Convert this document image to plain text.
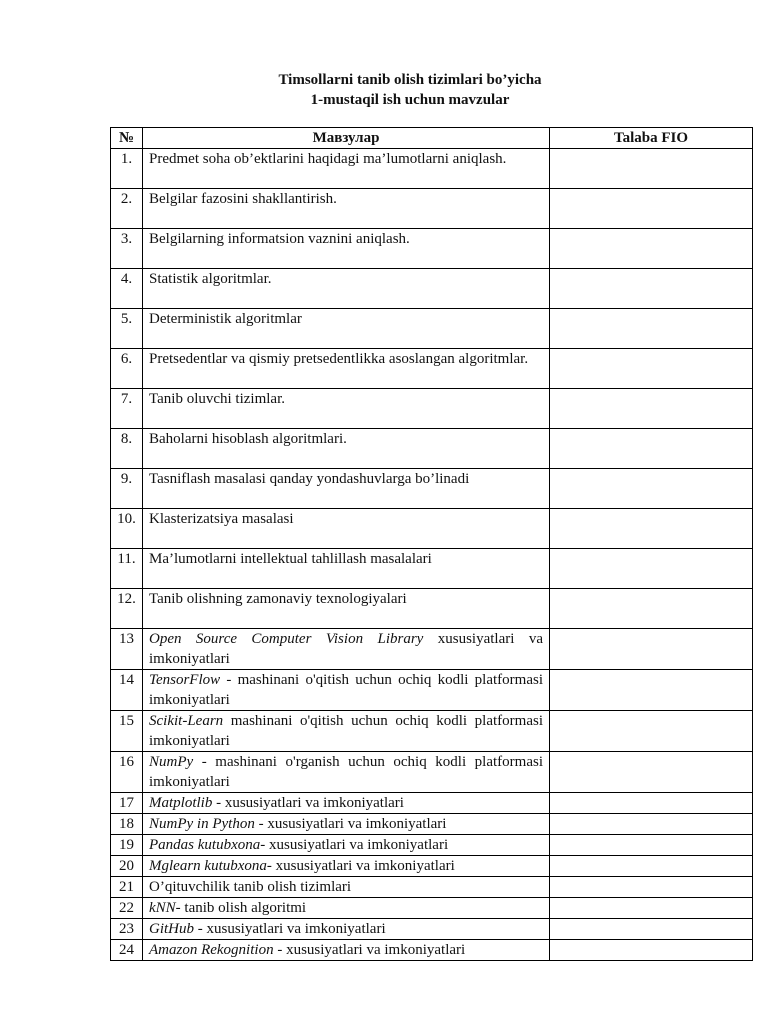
Timsollarni tanib olish tizimlari bo’yicha
1-mustaqil ish uchun mavzular
№	Мавзулар	Talaba FIO
1.	Predmet soha ob’ektlarini haqidagi ma’lumotlarni aniqlash.	
2.	Belgilar fazosini shakllantirish.	
3.	Belgilarning informatsion vaznini aniqlash.	
4.	Statistik algoritmlar.	
5.	Deterministik algoritmlar	
6.	Pretsedentlar va qismiy pretsedentlikka asoslangan algoritmlar.	
7.	Tanib oluvchi tizimlar.	
8.	Baholarni hisoblash algoritmlari.	
9.	Tasniflash masalasi qanday yondashuvlarga bo’linadi	
10.	Klasterizatsiya masalasi	
11.	Ma’lumotlarni intellektual tahlillash masalalari	
12.	Tanib olishning zamonaviy texnologiyalari	
13	Open Source Computer Vision Library xususiyatlari va imkoniyatlari	
14	TensorFlow - mashinani o'qitish uchun ochiq kodli platformasi imkoniyatlari	
15	Scikit-Learn mashinani o'qitish uchun ochiq kodli platformasi imkoniyatlari	
16	NumPy - mashinani o'rganish uchun ochiq kodli platformasi imkoniyatlari	
17	Matplotlib - xususiyatlari va imkoniyatlari	
18	NumPy in Python - xususiyatlari va imkoniyatlari	
19	Pandas kutubxona- xususiyatlari va imkoniyatlari	
20	Mglearn kutubxona- xususiyatlari va imkoniyatlari	
21	O’qituvchilik tanib olish tizimlari	
22	kNN- tanib olish algoritmi	
23	GitHub - xususiyatlari va imkoniyatlari	
24	Amazon Rekognition - xususiyatlari va imkoniyatlari	
